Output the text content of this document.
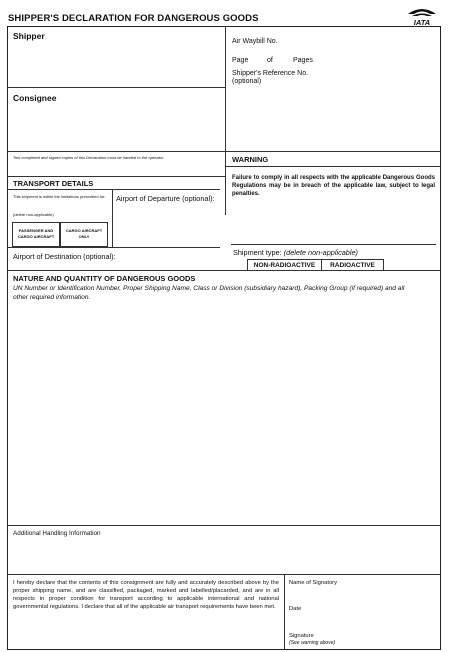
SHIPPER'S DECLARATION FOR DANGEROUS GOODS	IATA
Shipper
Air Waybill No.
Page	of	Pages
Shipper's Reference No.
(optional)
Consignee
Two completed and signed copies of this Declaration must be handed to the operator.	WARNING
Failure to comply in all respects with the applicable Dangerous Goods Regulations may be in breach of the applicable law, subject to legal penalties.
TRANSPORT DETAILS
This shipment is within the limitations prescribed for:
(delete non-applicable)
PASSENGER AND CARGO AIRCRAFT
CARGO AIRCRAFT ONLY
Airport of Departure (optional):
Airport of Destination (optional):	Shipment type: (delete non-applicable)
NON-RADIOACTIVE	RADIOACTIVE
NATURE AND QUANTITY OF DANGEROUS GOODS
UN Number or Identification Number, Proper Shipping Name, Class or Division (subsidiary hazard), Packing Group (if required) and all other required information.
Additional Handling Information
I hereby declare that the contents of this consignment are fully and accurately described above by the proper shipping name, and are classified, packaged, marked and labelled/placarded, and are in all respects in proper condition for transport according to applicable international and national governmental regulations. I declare that all of the applicable air transport requirements have been met.
Name of Signatory
Date
Signature
(See warning above)
